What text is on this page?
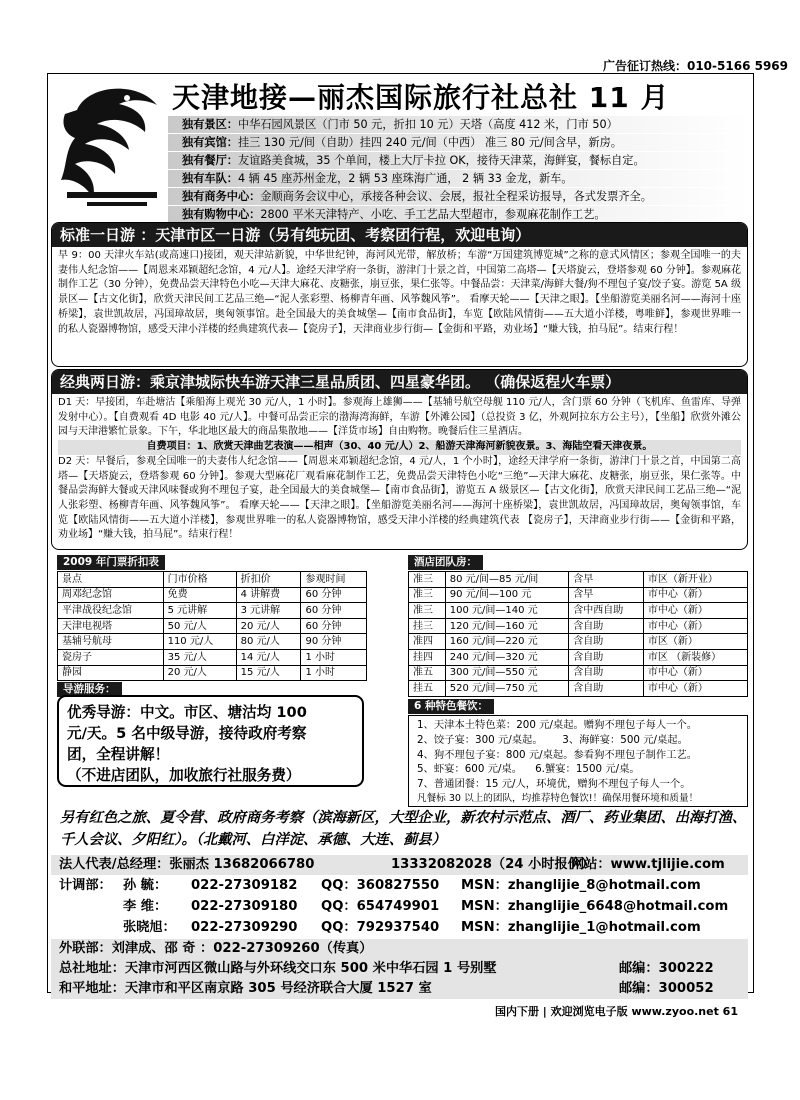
广告征订热线：010-5166 5969
天津地接—丽杰国际旅行社总社 11 月
独有景区：中华石园风景区（门市 50 元，折扣 10 元）天塔（高度 412 米，门市 50）
独有宾馆：挂三 130 元/间（自助）挂四 240 元/间（中西） 准三 80 元/间含早，新房。
独有餐厅：友谊路美食城，35 个单间，楼上大厅卡拉 OK，接待天津菜，海鲜宴，餐标自定。
独有车队：4 辆 45 座苏州金龙，2 辆 53 座珠海广通， 2 辆 33 金龙，新车。
独有商务中心：金顺商务会议中心，承接各种会议、会展，报社全程采访报导，各式发票齐全。
独有购物中心：2800 平米天津特产、小吃、手工艺品大型超市，参观麻花制作工艺。
标准一日游 ：天津市区一日游（另有纯玩团、考察团行程，欢迎电询）
早 9：00 天津火车站(或高速口)接团，观天津站新貌，中华世纪钟，海河风光带，解放桥；车游“万国建筑博览城”之称的意式风情区；参观全国唯一的夫妻伟人纪念馆——【周恩来邓颖超纪念馆，4 元/人】。途经天津学府一条街，游津门十景之首，中国第二高塔—【天塔旋云，登塔参观 60 分钟】。参观麻花制作工艺（30 分钟），免费品尝天津特色小吃—天津大麻花、皮糖张，崩豆张，果仁张等。中餐品尝：天津菜/海鲜大餐/狗不理包子宴/饺子宴。游览 5A 级景区—【古文化街】，欣赏天津民间工艺品三绝—“泥人张彩塑、杨柳青年画、风筝魏风筝”。 看摩天轮——【天津之眼】。【坐船游览美丽名河——海河十座桥梁】，袁世凯故居，冯国璋故居，奥匈领事馆。赴全国最大的美食城堡—【南市食品街】，车览【欧陆风情街——五大道小洋楼，粤唯鲜】，参观世界唯一的私人瓷器博物馆，感受天津小洋楼的经典建筑代表—【瓷房子】，天津商业步行街—【金街和平路，劝业场】“赚大钱，拍马屁”。结束行程！
经典两日游：乘京津城际快车游天津三星品质团、四星豪华团。 （确保返程火车票）

D1 天：早接团，车赴塘沽【乘船海上观光 30 元/人，1 小时】。参观海上雄狮——【基辅号航空母舰 110 元/人，含门票 60 分钟（飞机库、鱼雷库、导弹发射中心）。【自费观看 4D 电影 40 元/人】。中餐可品尝正宗的渤海湾海鲜，车游【外滩公园】（总投资 3 亿，外观阿拉东方公主号），【坐船】欣赏外滩公园与天津港繁忙景象。下午，华北地区最大的商品集散地——【洋货市场】自由购物。晚餐后住三星酒店。

自费项目：1、欣赏天津曲艺表演——相声（30、40 元/人）2、船游天津海河新貌夜景。3、海陆空看天津夜景。

D2 天：早餐后，参观全国唯一的夫妻伟人纪念馆——【周恩来邓颖超纪念馆，4 元/人，1 个小时】，途经天津学府一条街，游津门十景之首，中国第二高塔—【天塔旋云，登塔参观 60 分钟】。参观大型麻花厂观看麻花制作工艺，免费品尝天津特色小吃“三绝”—天津大麻花、皮糖张，崩豆张，果仁张等。中餐品尝海鲜大餐或天津风味餐或狗不理包子宴，赴全国最大的美食城堡—【南市食品街】，游览五 A 级景区—【古文化街】，欣赏天津民间工艺品三绝—“泥人张彩塑、杨柳青年画、风筝魏风筝”。 看摩天轮——【天津之眼】。【坐船游览美丽名河——海河十座桥梁】，袁世凯故居，冯国璋故居，奥匈领事馆，车览【欧陆风情街——五大道小洋楼】，参观世界唯一的私人瓷器博物馆，感受天津小洋楼的经典建筑代表 【瓷房子】，天津商业步行街——【金街和平路，劝业场】“赚大钱，拍马屁”。结束行程！

2009 年门票折扣表
景点	门市价格	折扣价	参观时间
周邓纪念馆	免费	4 讲解费	60 分钟
平津战役纪念馆	5 元讲解	3 元讲解	60 分钟
天津电视塔	50 元/人	20 元/人	60 分钟
基辅号航母	110 元/人	80 元/人	90 分钟
瓷房子	35 元/人	14 元/人	1 小时
静园	20 元/人	15 元/人	1 小时
导游服务：
优秀导游：中文。市区、塘沽均 100
元/天。5 名中级导游，接待政府考察
团，全程讲解！
（不进店团队，加收旅行社服务费）
酒店团队房：
准三	80 元/间—85 元/间	含早	市区（新开业）
准三	90 元/间—100 元	含早	市中心（新）
准三	100 元/间—140 元	含中西自助	市中心（新）
挂三	120 元/间—160 元	含自助	市中心（新）
准四	160 元/间—220 元	含自助	市区（新）
挂四	240 元/间—320 元	含自助	市区 （新装修）
准五	300 元/间—550 元	含自助	市中心（新）
挂五	520 元/间—750 元	含自助	市中心（新）
6 种特色餐饮：
1、天津本土特色菜：200 元/桌起。赠狗不理包子每人一个。
2、饺子宴：300 元/桌起。 3、海鲜宴：500 元/桌起。
4、狗不理包子宴：800 元/桌起。参看狗不理包子制作工艺。
5、虾宴：600 元/桌。 6.蟹宴：1500 元/桌。
7、普通团餐：15 元/人，环境优，赠狗不理包子每人一个。
凡餐标 30 以上的团队，均推荐特色餐饮!！确保用餐环境和质量！
另有红色之旅、夏令营、政府商务考察（滨海新区，大型企业，新农村示范点、酒厂、药业集团、出海打渔、千人会议、夕阳红）。（北戴河、白洋淀、承德、大连、蓟县）
法人代表/总经理：张丽杰 13682066780	13332082028（24 小时报价）
网站：www.tjlijie.com
计调部： 孙 毓： 022-27309182 QQ：360827550 MSN：zhanglijie_8@hotmail.com
李 维： 022-27309180 QQ：654749901 MSN：zhanglijie_6648@hotmail.com
张晓旭： 022-27309290 QQ：792937540 MSN：zhanglijie_1@hotmail.com
外联部：刘津成、邵 奇 ：022-27309260（传真）
总社地址：天津市河西区微山路与外环线交口东 500 米中华石园 1 号别墅	邮编：300222
和平地址：天津市和平区南京路 305 号经济联合大厦 1527 室	邮编：300052
国内下册 | 欢迎浏览电子版 www.zyoo.net 61
